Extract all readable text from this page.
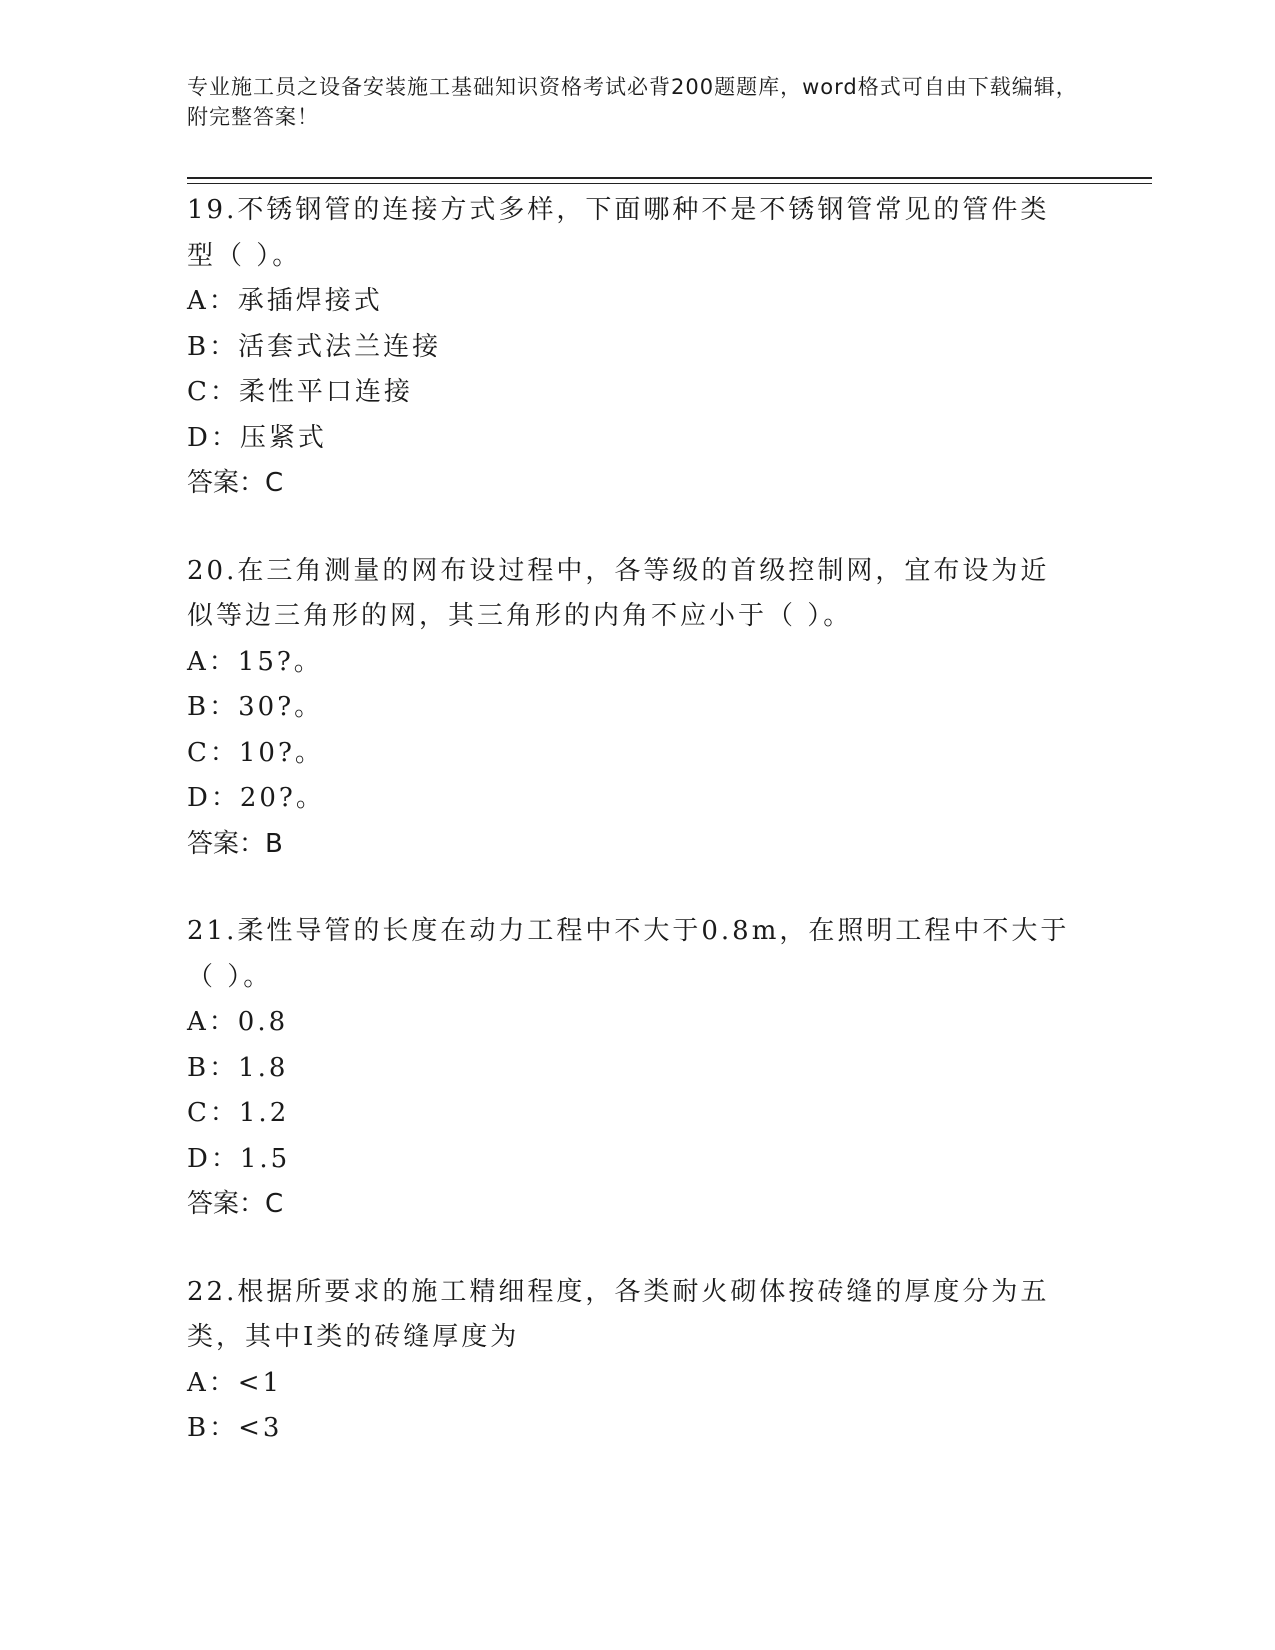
专业施工员之设备安装施工基础知识资格考试必背200题题库，word格式可自由下载编辑，附完整答案！

19.不锈钢管的连接方式多样，下面哪种不是不锈钢管常见的管件类型（ ）。

A：承插焊接式

B：活套式法兰连接

C：柔性平口连接

D：压紧式

答案：C

20.在三角测量的网布设过程中，各等级的首级控制网，宜布设为近似等边三角形的网，其三角形的内角不应小于（ ）。

A：15?。

B：30?。

C：10?。

D：20?。

答案：B

21.柔性导管的长度在动力工程中不大于0.8m，在照明工程中不大于（ ）。

A：0.8

B：1.8

C：1.2

D：1.5

答案：C

22.根据所要求的施工精细程度，各类耐火砌体按砖缝的厚度分为五类，其中Ⅰ类的砖缝厚度为

A：<1

B：<3
